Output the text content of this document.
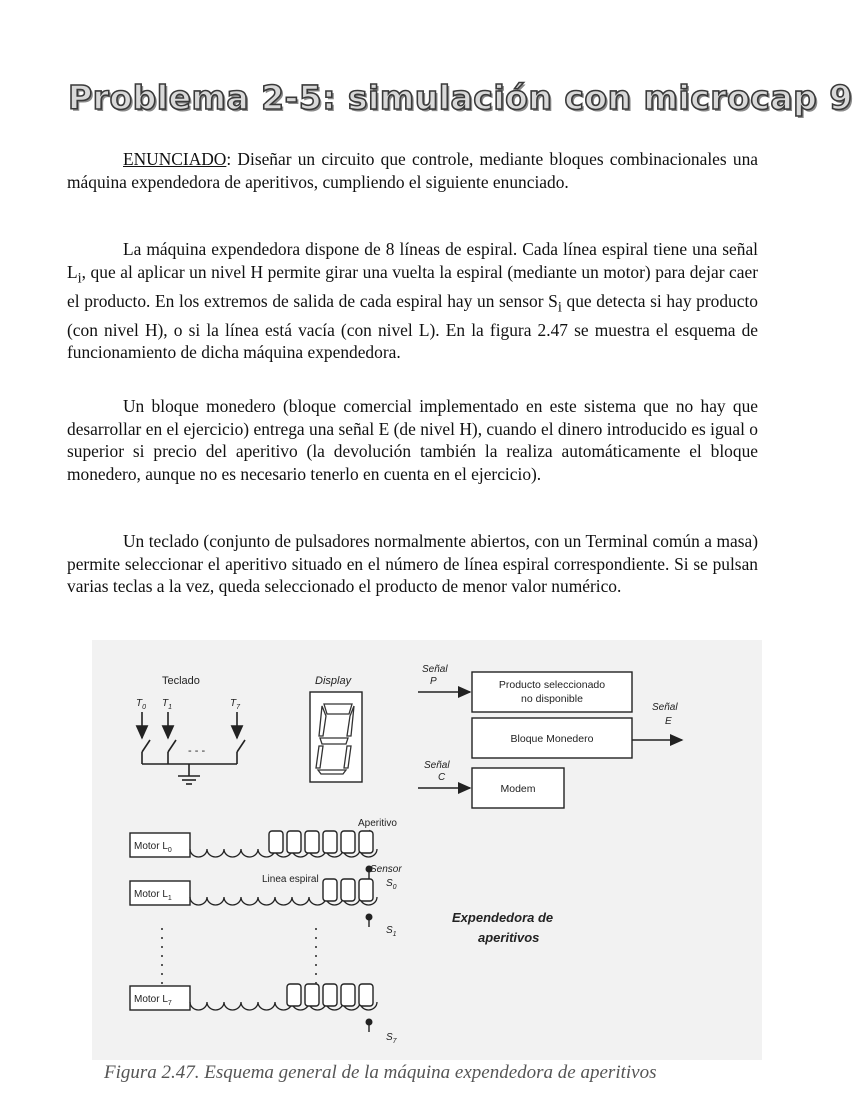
Problema 2-5: simulación con microcap 9

ENUNCIADO: Diseñar un circuito que controle, mediante bloques combinacionales una máquina expendedora de aperitivos, cumpliendo el siguiente enunciado.

La máquina expendedora dispone de 8 líneas de espiral. Cada línea espiral tiene una señal $L_i$, que al aplicar un nivel H permite girar una vuelta la espiral (mediante un motor) para dejar caer el producto. En los extremos de salida de cada espiral hay un sensor $S_i$ que detecta si hay producto (con nivel H), o si la línea está vacía (con nivel L). En la figura 2.47 se muestra el esquema de funcionamiento de dicha máquina expendedora.

Un bloque monedero (bloque comercial implementado en este sistema que no hay que desarrollar en el ejercicio) entrega una señal E (de nivel H), cuando el dinero introducido es igual o superior si precio del aperitivo (la devolución también la realiza automáticamente el bloque monedero, aunque no es necesario tenerlo en cuenta en el ejercicio).

Un teclado (conjunto de pulsadores normalmente abiertos, con un Terminal común a masa) permite seleccionar el aperitivo situado en el número de línea espiral correspondiente. Si se pulsan varias teclas a la vez, queda seleccionado el producto de menor valor numérico.

Teclado
$T_0$ $T_1$	$T_7$
- - -
Display
Señal
P	Producto seleccionado
no disponible
Bloque Monedero
Señal
E
Señal
C
Modem
Aperitivo
Motor $L_0$
Motor $L_1$
Motor $L_7$
Linea espiral
Sensor
$S_0$
$S_1$
$S_7$
Expendedora de
aperitivos
Figura 2.47. Esquema general de la máquina expendedora de aperitivos
